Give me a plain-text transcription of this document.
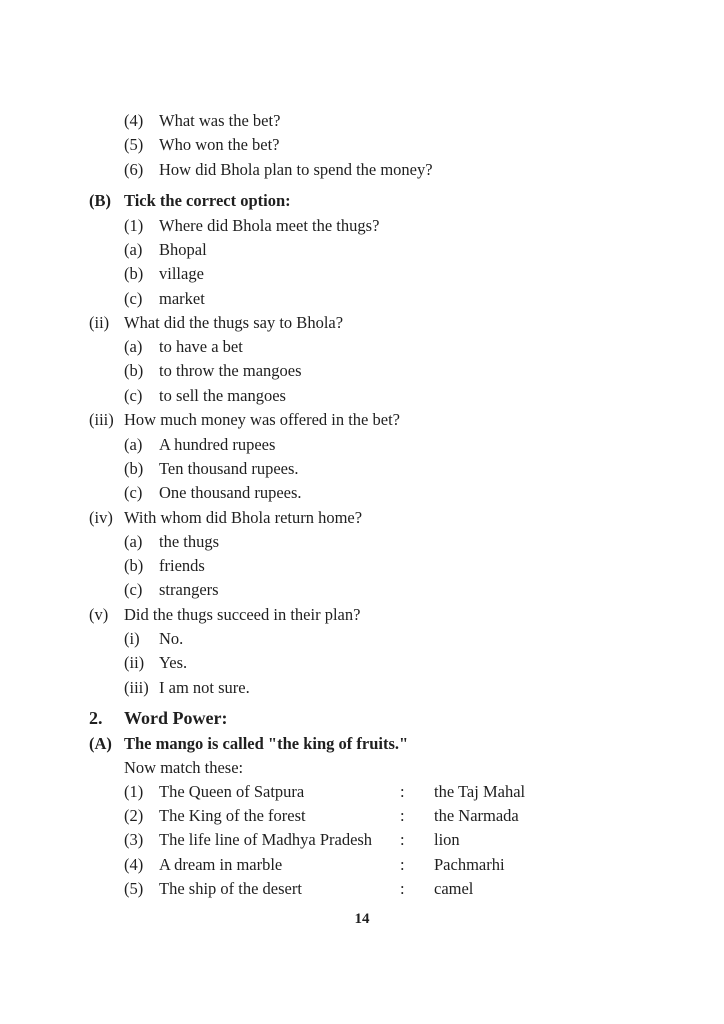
(4) What was the bet?
(5) Who won the bet?
(6) How did Bhola plan to spend the money?
(B) Tick the correct option:
(1) Where did Bhola meet the thugs?
(a) Bhopal
(b) village
(c) market
(ii) What did the thugs say to Bhola?
(a) to have a bet
(b) to throw the mangoes
(c) to sell the mangoes
(iii) How much money was offered in the bet?
(a) A hundred rupees
(b) Ten thousand rupees.
(c) One thousand rupees.
(iv) With whom did Bhola return home?
(a) the thugs
(b) friends
(c) strangers
(v) Did the thugs succeed in their plan?
(i) No.
(ii) Yes.
(iii) I am not sure.
2. Word Power:
(A) The mango is called "the king of fruits."
Now match these:
(1) The Queen of Satpura	: the Taj Mahal
(2) The King of the forest	: the Narmada
(3) The life line of Madhya Pradesh : lion
(4) A dream in marble	: Pachmarhi
(5) The ship of the desert	: camel
14
